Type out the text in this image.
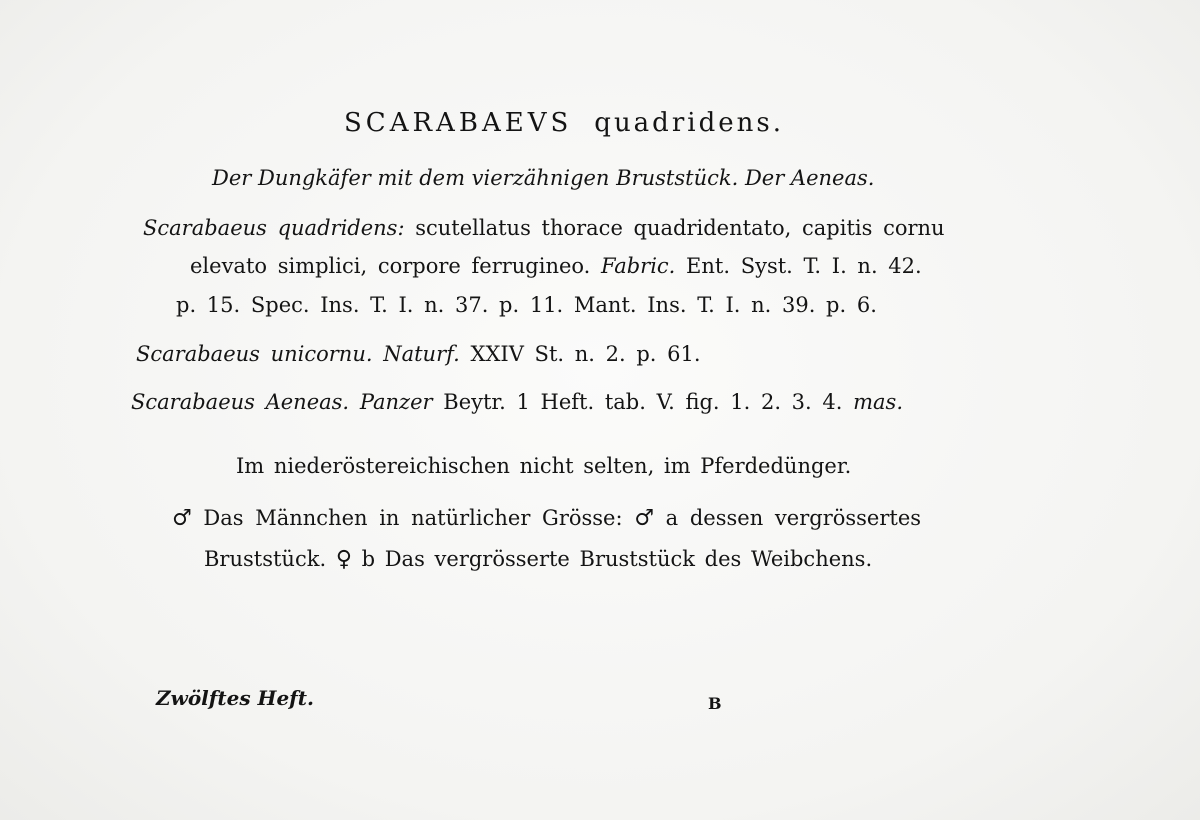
SCARABAEVS quadridens.
Der Dungkäfer mit dem vierzähnigen Bruststück. Der Aeneas.
Scarabaeus quadridens: scutellatus thorace quadridentato, capitis cornu
elevato simplici, corpore ferrugineo. Fabric. Ent. Syst. T. I. n. 42.
p. 15. Spec. Ins. T. I. n. 37. p. 11. Mant. Ins. T. I. n. 39. p. 6.
Scarabaeus unicornu. Naturf. XXIV St. n. 2. p. 61.
Scarabaeus Aeneas. Panzer Beytr. 1 Heft. tab. V. fig. 1. 2. 3. 4. mas.
Im niederöstereichischen nicht selten, im Pferdedünger.
♂ Das Männchen in natürlicher Grösse: ♂ a dessen vergrössertes
Bruststück. ♀ b Das vergrösserte Bruststück des Weibchens.
Zwölftes Heft.	B
